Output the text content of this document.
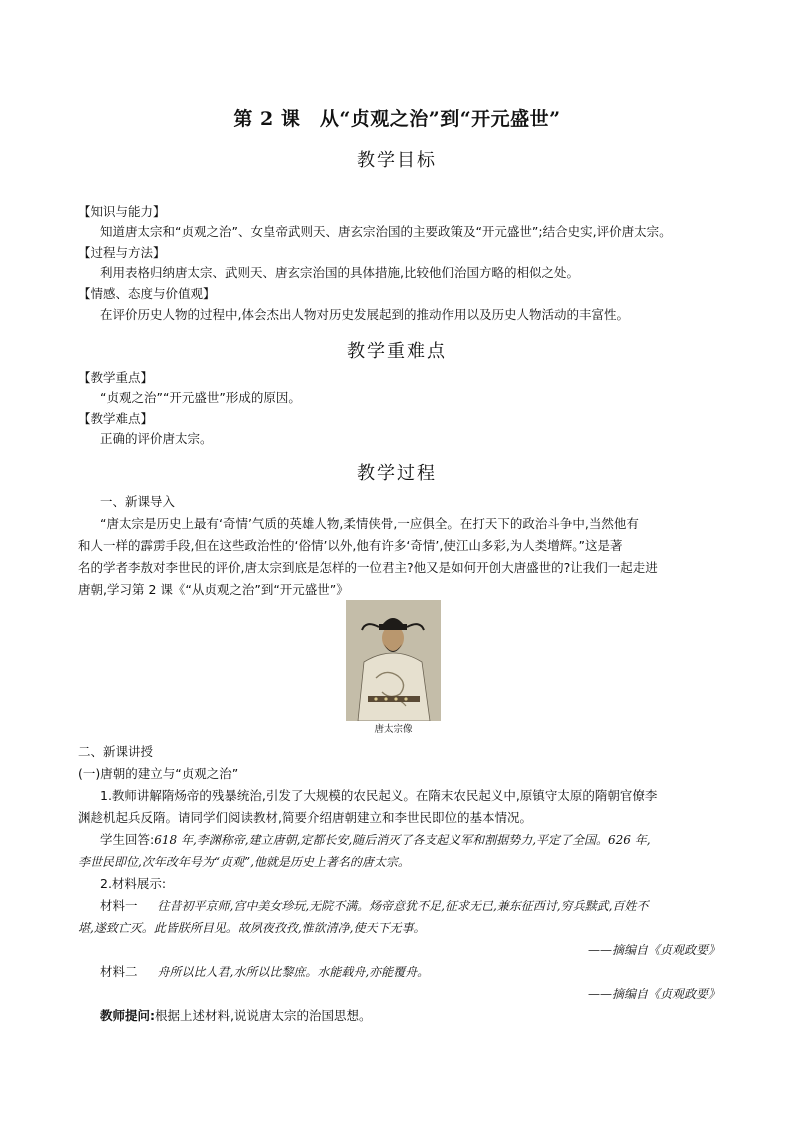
第 2 课　从“贞观之治”到“开元盛世”
教学目标
【知识与能力】
知道唐太宗和“贞观之治”、女皇帝武则天、唐玄宗治国的主要政策及“开元盛世”;结合史实,评价唐太宗。
【过程与方法】
利用表格归纳唐太宗、武则天、唐玄宗治国的具体措施,比较他们治国方略的相似之处。
【情感、态度与价值观】
在评价历史人物的过程中,体会杰出人物对历史发展起到的推动作用以及历史人物活动的丰富性。
教学重难点
【教学重点】
“贞观之治”“开元盛世”形成的原因。
【教学难点】
正确的评价唐太宗。
教学过程
一、新课导入
“唐太宗是历史上最有‘奇情’气质的英雄人物,柔情侠骨,一应俱全。在打天下的政治斗争中,当然他有
和人一样的霹雳手段,但在这些政治性的‘俗情’以外,他有许多‘奇情’,使江山多彩,为人类增辉。”这是著
名的学者李敖对李世民的评价,唐太宗到底是怎样的一位君主?他又是如何开创大唐盛世的?让我们一起走进
唐朝,学习第 2 课《“从贞观之治”到“开元盛世”》
唐太宗像
二、新课讲授
(一)唐朝的建立与“贞观之治”
1.教师讲解隋炀帝的残暴统治,引发了大规模的农民起义。在隋末农民起义中,原镇守太原的隋朝官僚李
渊趁机起兵反隋。请同学们阅读教材,简要介绍唐朝建立和李世民即位的基本情况。
学生回答:618 年,李渊称帝,建立唐朝,定都长安,随后消灭了各支起义军和割据势力,平定了全国。626 年,
李世民即位,次年改年号为“贞观”,他就是历史上著名的唐太宗。
2.材料展示:
材料一 往昔初平京师,宫中美女珍玩,无院不满。炀帝意犹不足,征求无已,兼东征西讨,穷兵黩武,百姓不
堪,遂致亡灭。此皆朕所目见。故夙夜孜孜,惟欲清净,使天下无事。
——摘编自《贞观政要》
材料二 舟所以比人君,水所以比黎庶。水能载舟,亦能覆舟。
——摘编自《贞观政要》
教师提问:根据上述材料,说说唐太宗的治国思想。
